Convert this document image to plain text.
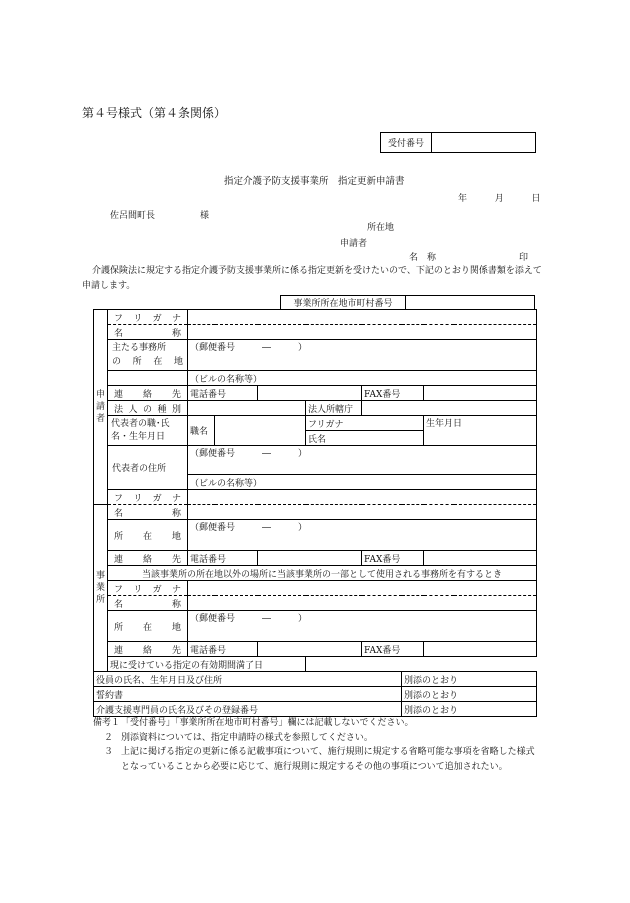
第４号様式（第４条関係）
受付番号
指定介護予防支援事業所　指定更新申請書
年	月	日
佐呂間町長　　　　　様
所在地
申請者
名　称	印

介護保険法に規定する指定介護予防支援事業所に係る指定更新を受けたいので、下記のとおり関係書類を添えて申請します。

事業所所在地市町村番号
申請者	フ リ ガ ナ							
	名　称							

	主たる事務所
の 所 在 地	（郵便番号　　　―　　　）						

		（ビルの名称等）						
	連 絡 先	電話番号				FAX番号		
	法人の種別				法人所轄庁			

	代表者の職･氏
名・生年月日	職名			フリガナ			生年月日
					氏名			
	代表者の住所	（郵便番号　　　―　　　）						

		（ビルの名称等）						
	フ リ ガ ナ							

事業所	名　称							
	所　在　地	（郵便番号　　　―　　　）						

	連 絡 先	電話番号				FAX番号		
	当該事業所の所在地以外の場所に当該事業所の一部として使用される事務所を有するとき							
	フ リ ガ ナ							
	名　称							
	所　在　地	（郵便番号　　　―　　　）						

	連 絡 先	電話番号				FAX番号		
	現に受けている指定の有効期間満了日							
役員の氏名、生年月日及び住所							別添のとおり	
誓約書							別添のとおり	
介護支援専門員の氏名及びその登録番号							別添のとおり	
備考１ 「受付番号」「事業所所在地市町村番号」欄には記載しないでください。
２ 別添資料については、指定申請時の様式を参照してください。
３ 上記に掲げる指定の更新に係る記載事項について、施行規則に規定する省略可能な事項を省略した様式となっていることから必要に応じて、施行規則に規定するその他の事項について追加されたい。
